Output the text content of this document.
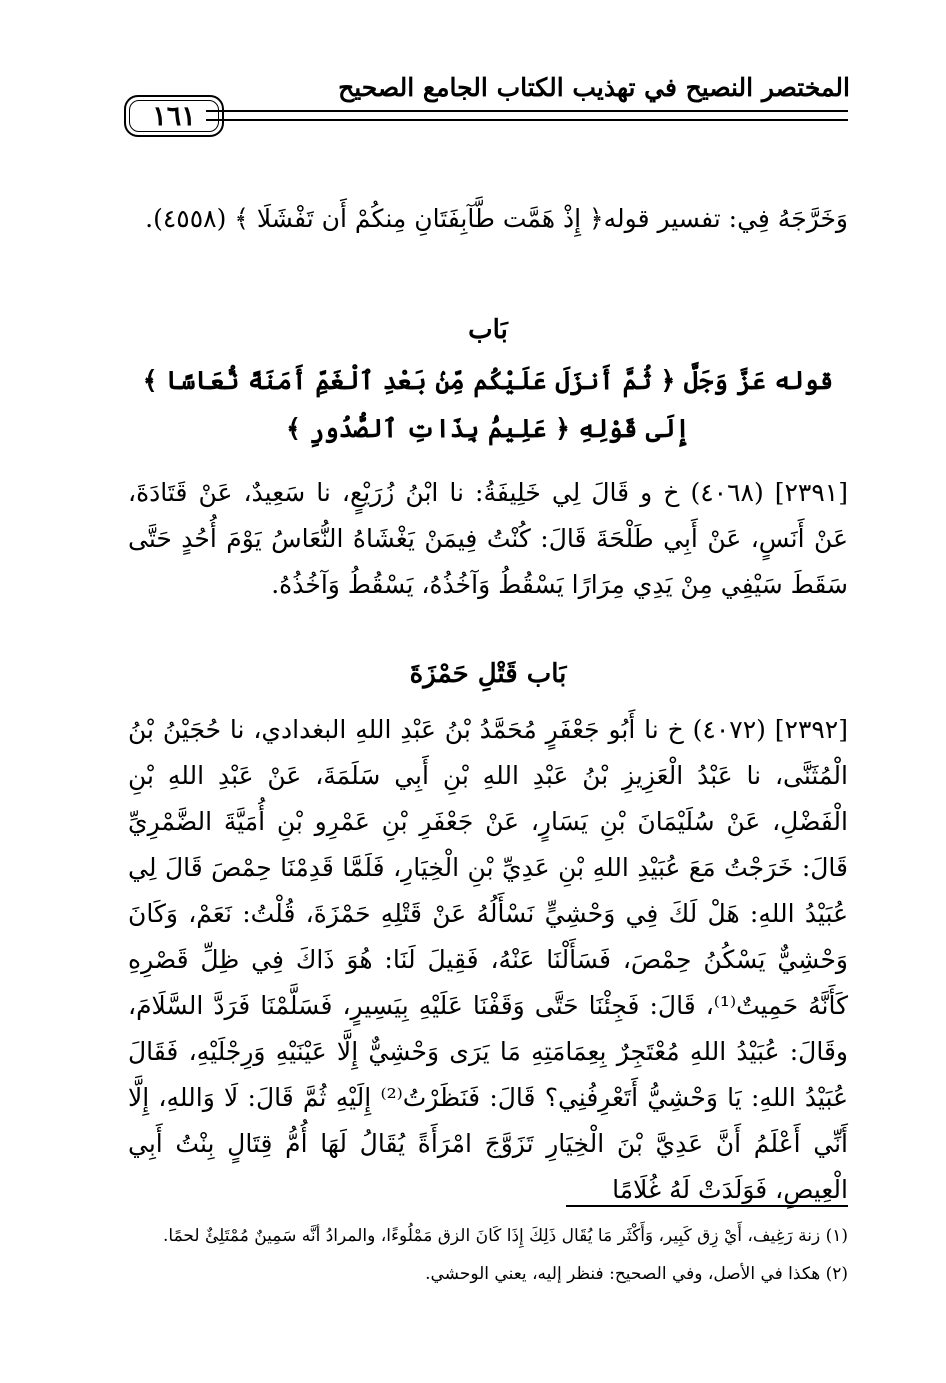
المختصر النصيح في تهذيب الكتاب الجامع الصحيح
١٦١

وَخَرَّجَهُ فِي: تفسير قوله﴿ إِذْ هَمَّت طَّآبِفَتَانِ مِنكُمْ أَن تَفْشَلَا ﴾ (٤٥٥٨).

بَاب

قوله عَزَّ وَجَلَّ ﴿ ثُمَّ أَنزَلَ عَلَيْكُم مِّنۢ بَعْدِ ٱلْغَمِّ أَمَنَةً نُّعَاسًا ﴾ إِلَى قَوْلِهِ ﴿ عَلِيمُۢ بِذَاتِ ٱلصُّدُورِ ﴾

[٢٣٩١] (٤٠٦٨) خ و قَالَ لِي خَلِيفَةُ: نا ابْنُ زُرَيْعٍ، نا سَعِيدٌ، عَنْ قَتَادَةَ، عَنْ أَنَسٍ، عَنْ أَبِي طَلْحَةَ قَالَ: كُنْتُ فِيمَنْ يَغْشَاهُ النُّعَاسُ يَوْمَ أُحُدٍ حَتَّى سَقَطَ سَيْفِي مِنْ يَدِي مِرَارًا يَسْقُطُ وَآخُذُهُ، يَسْقُطُ وَآخُذُهُ.

بَاب قَتْلِ حَمْزَةَ

[٢٣٩٢] (٤٠٧٢) خ نا أَبُو جَعْفَرٍ مُحَمَّدُ بْنُ عَبْدِ اللهِ البغدادي، نا حُجَيْنُ بْنُ الْمُثَنَّى، نا عَبْدُ الْعَزِيزِ بْنُ عَبْدِ اللهِ بْنِ أَبِي سَلَمَةَ، عَنْ عَبْدِ اللهِ بْنِ الْفَضْلِ، عَنْ سُلَيْمَانَ بْنِ يَسَارٍ، عَنْ جَعْفَرِ بْنِ عَمْرِو بْنِ أُمَيَّةَ الضَّمْرِيِّ قَالَ: خَرَجْتُ مَعَ عُبَيْدِ اللهِ بْنِ عَدِيِّ بْنِ الْخِيَارِ، فَلَمَّا قَدِمْنَا حِمْصَ قَالَ لِي عُبَيْدُ اللهِ: هَلْ لَكَ فِي وَحْشِيٍّ نَسْأَلُهُ عَنْ قَتْلِهِ حَمْزَةَ، قُلْتُ: نَعَمْ، وَكَانَ وَحْشِيٌّ يَسْكُنُ حِمْصَ، فَسَأَلْنَا عَنْهُ، فَقِيلَ لَنَا: هُوَ ذَاكَ فِي ظِلِّ قَصْرِهِ كَأَنَّهُ حَمِيتٌ⁽¹⁾، قَالَ: فَجِئْنَا حَتَّى وَقَفْنَا عَلَيْهِ بِيَسِيرٍ، فَسَلَّمْنَا فَرَدَّ السَّلَامَ، وقَالَ: عُبَيْدُ اللهِ مُعْتَجِرٌ بِعِمَامَتِهِ مَا يَرَى وَحْشِيٌّ إِلَّا عَيْنَيْهِ وَرِجْلَيْهِ، فَقَالَ عُبَيْدُ اللهِ: يَا وَحْشِيُّ أَتَعْرِفُنِي؟ قَالَ: فَنَظَرْتُ⁽²⁾ إِلَيْهِ ثُمَّ قَالَ: لَا وَاللهِ، إِلَّا أَنِّي أَعْلَمُ أَنَّ عَدِيَّ بْنَ الْخِيَارِ تَزَوَّجَ امْرَأَةً يُقَالُ لَهَا أُمُّ قِتَالٍ بِنْتُ أَبِي الْعِيصِ، فَوَلَدَتْ لَهُ غُلَامًا

(١) زنة رَغِيف، أَيْ زِق كَبِير، وَأَكْثَر مَا يُقَال ذَلِكَ إِذَا كَانَ الزق مَمْلُوءًا، والمرادُ أنَّه سَمِينٌ مُمْتَلِئٌ لحمًا.

(٢) هكذا في الأصل، وفي الصحيح: فنظر إليه، يعني الوحشي.
